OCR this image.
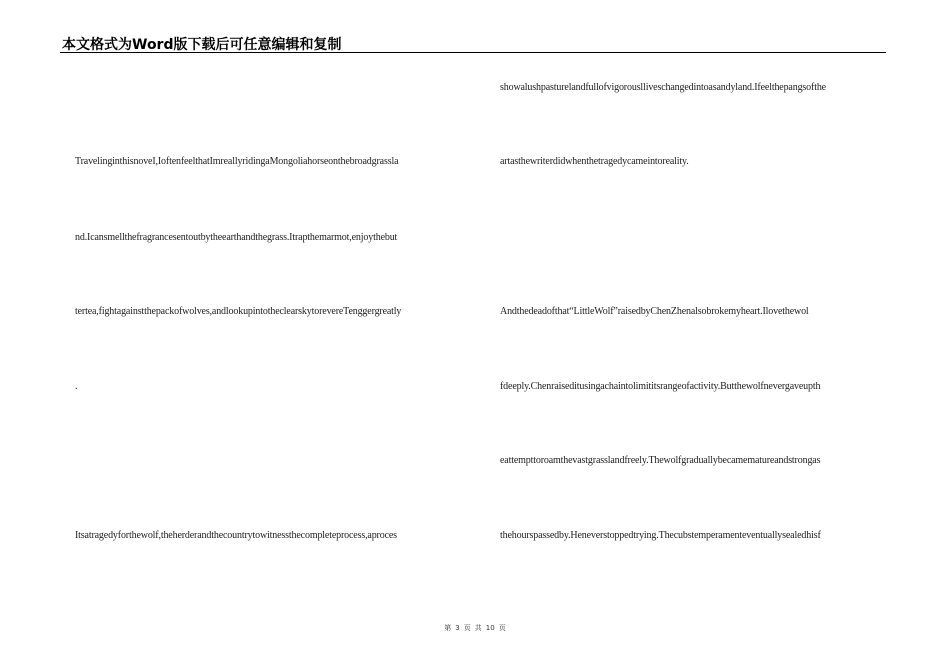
本文格式为Word版下载后可任意编辑和复制
TravelinginthisnoveI,IoftenfeelthatImreallyridingaMongoliahorseonthebroadgrassla
nd.Icansmellthefragrancesentoutbytheearthandthegrass.Itrapthemarmot,enjoythebut
tertea,fightagainstthepackofwolves,andlookupintotheclearskytorevereTenggergreatly
.
Itsatragedyforthewolf,theherderandthecountrytowitnessthecompleteprocess,aproces
showalushpasturelandfullofvigorouslliveschangedintoasandyland.Ifeelthepangsofthe
artasthewriterdidwhenthetragedycameintoreality.
Andthedeadofthat“LittleWolf”raisedbyChenZhenalsobrokemyheart.Ilovethewol
fdeeply.Chenraiseditusingachaintolimititsrangeofactivity.Butthewolfnevergaveupth
eattempttoroamthevastgrasslandfreely.Thewolfgraduallybecamematureandstrongas
thehourspassedby.Heneverstoppedtrying.Thecubstemperamenteventuallysealedhisf
第 3 页 共 10 页
